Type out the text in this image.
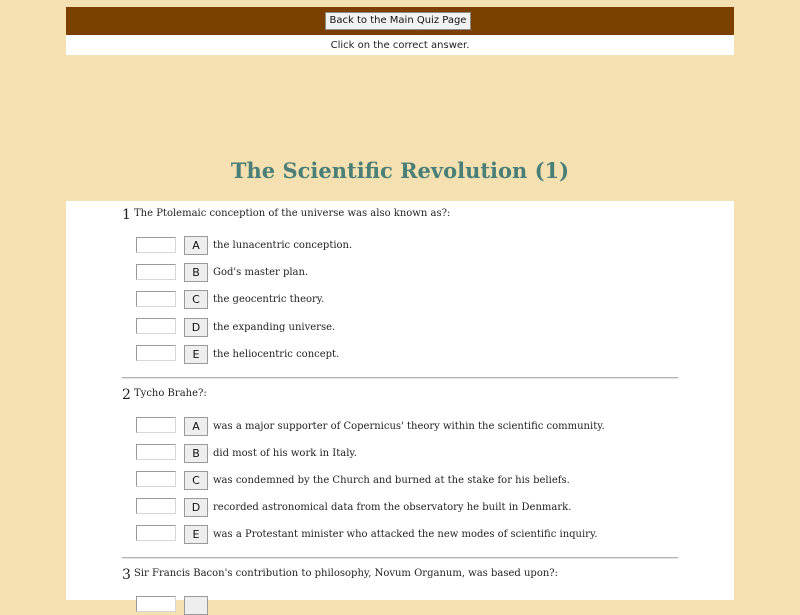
Back to the Main Quiz Page
Click on the correct answer.
The Scientific Revolution (1)
1 The Ptolemaic conception of the universe was also known as?:
A	the lunacentric conception.
B	God's master plan.
C	the geocentric theory.
D	the expanding universe.
E	the heliocentric concept.
2 Tycho Brahe?:
A	was a major supporter of Copernicus' theory within the scientific community.
B	did most of his work in Italy.
C	was condemned by the Church and burned at the stake for his beliefs.
D	recorded astronomical data from the observatory he built in Denmark.
E	was a Protestant minister who attacked the new modes of scientific inquiry.
3 Sir Francis Bacon's contribution to philosophy, Novum Organum, was based upon?:
